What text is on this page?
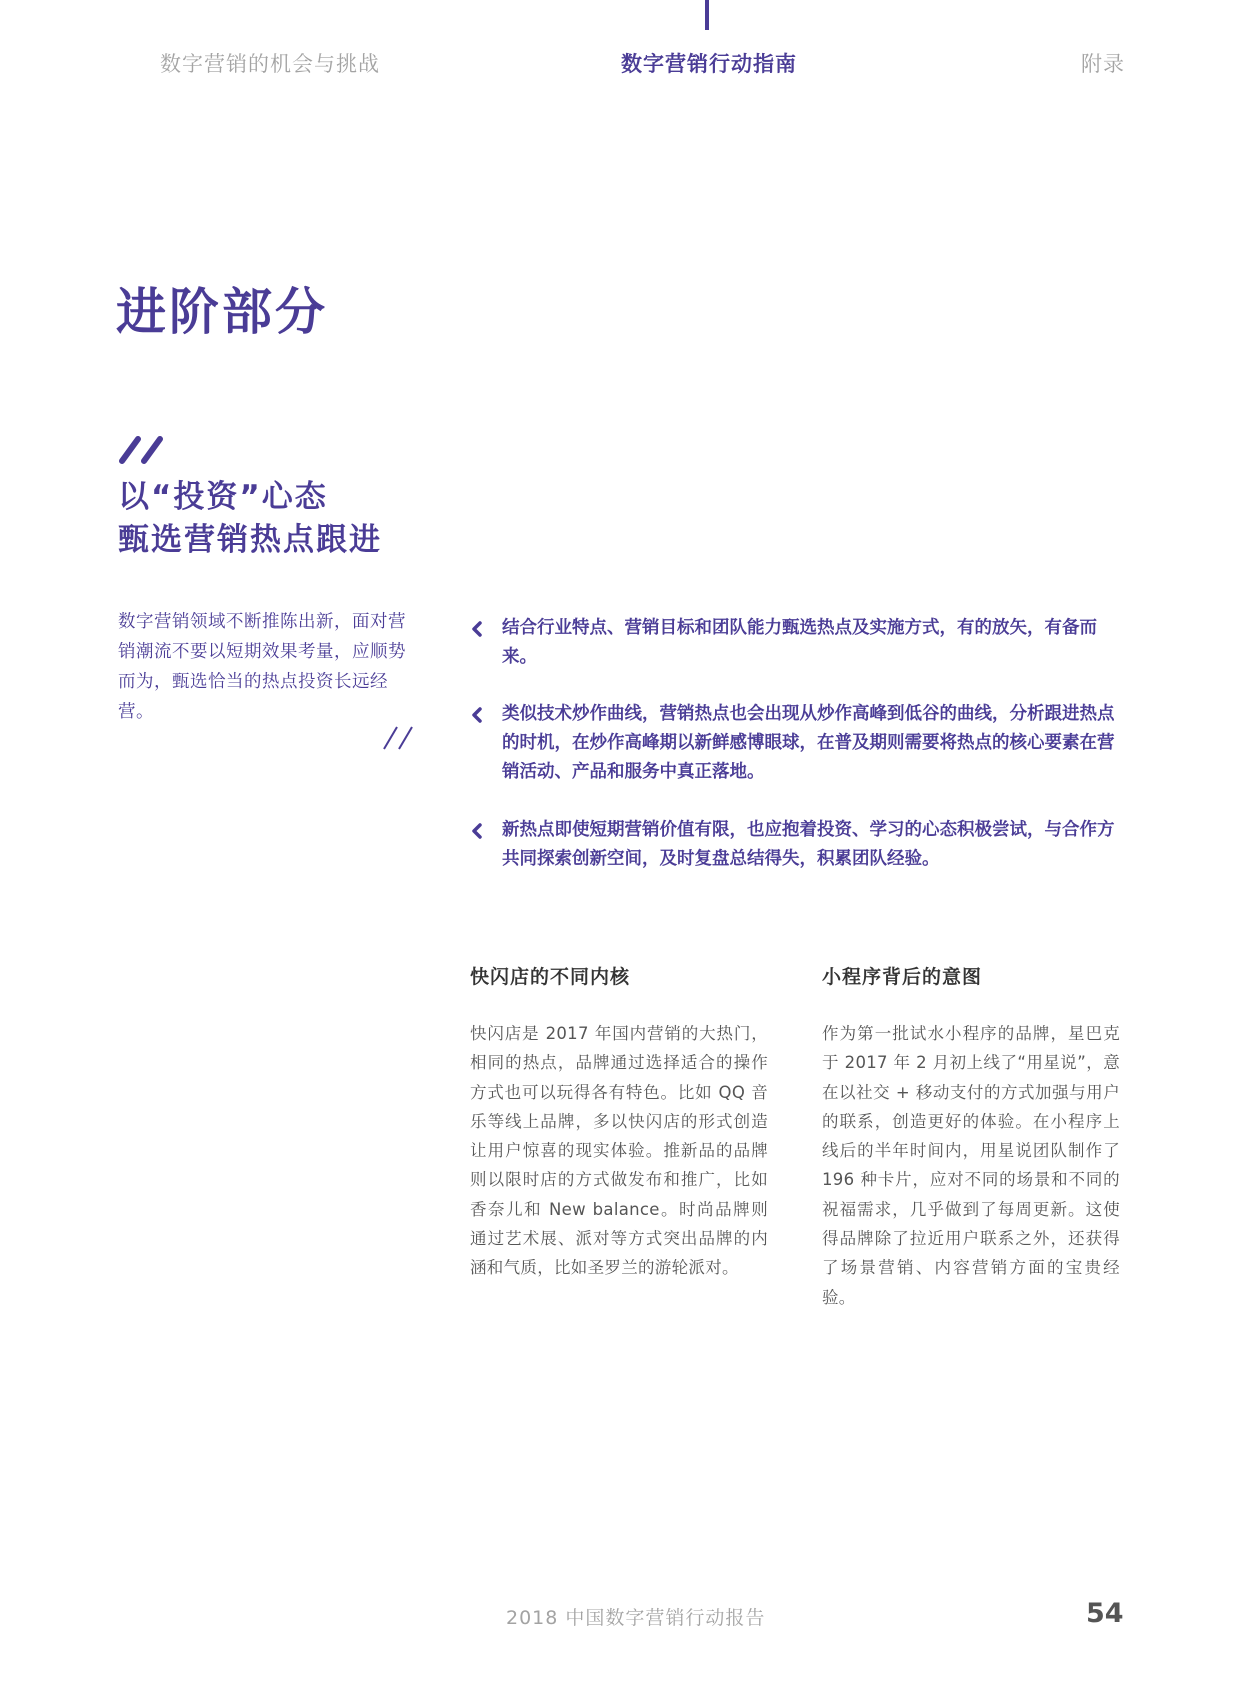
数字营销的机会与挑战	数字营销行动指南	附录
进阶部分
以“投资”心态
甄选营销热点跟进
数字营销领域不断推陈出新，面对营销潮流不要以短期效果考量，应顺势而为，甄选恰当的热点投资长远经营。
结合行业特点、营销目标和团队能力甄选热点及实施方式，有的放矢，有备而来。
类似技术炒作曲线，营销热点也会出现从炒作高峰到低谷的曲线，分析跟进热点的时机，在炒作高峰期以新鲜感博眼球，在普及期则需要将热点的核心要素在营销活动、产品和服务中真正落地。
新热点即使短期营销价值有限，也应抱着投资、学习的心态积极尝试，与合作方共同探索创新空间，及时复盘总结得失，积累团队经验。
快闪店的不同内核
快闪店是 2017 年国内营销的大热门，相同的热点，品牌通过选择适合的操作方式也可以玩得各有特色。比如 QQ 音乐等线上品牌，多以快闪店的形式创造让用户惊喜的现实体验。推新品的品牌则以限时店的方式做发布和推广，比如香奈儿和 New balance。时尚品牌则通过艺术展、派对等方式突出品牌的内涵和气质，比如圣罗兰的游轮派对。
小程序背后的意图
作为第一批试水小程序的品牌，星巴克于 2017 年 2 月初上线了“用星说”，意在以社交 + 移动支付的方式加强与用户的联系，创造更好的体验。在小程序上线后的半年时间内，用星说团队制作了 196 种卡片，应对不同的场景和不同的祝福需求，几乎做到了每周更新。这使得品牌除了拉近用户联系之外，还获得了场景营销、内容营销方面的宝贵经验。
2018 中国数字营销行动报告	54
